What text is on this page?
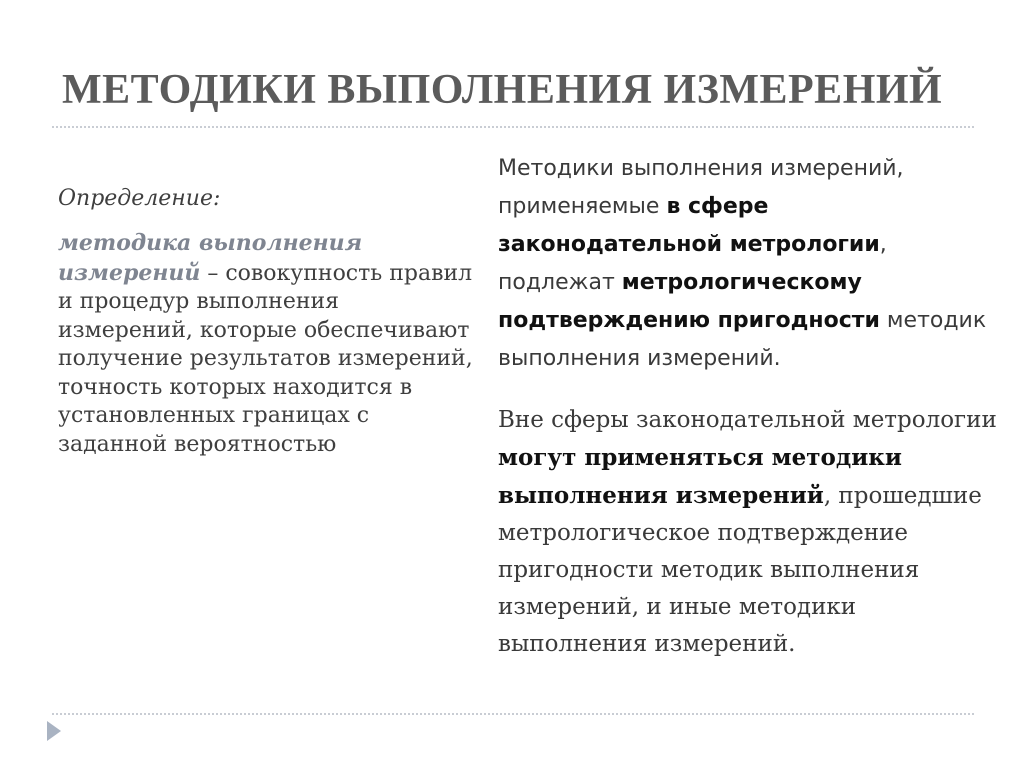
МЕТОДИКИ ВЫПОЛНЕНИЯ ИЗМЕРЕНИЙ

Определение:

методика выполнения измерений – совокупность правил и процедур выполнения измерений, которые обеспечивают получение результатов измерений, точность которых находится в установленных границах с заданной вероятностью

Методики выполнения измерений, применяемые в сфере законодательной метрологии, подлежат метрологическому подтверждению пригодности методик выполнения измерений.

Вне сферы законодательной метрологии могут применяться методики выполнения измерений, прошедшие метрологическое подтверждение пригодности методик выполнения измерений, и иные методики выполнения измерений.
